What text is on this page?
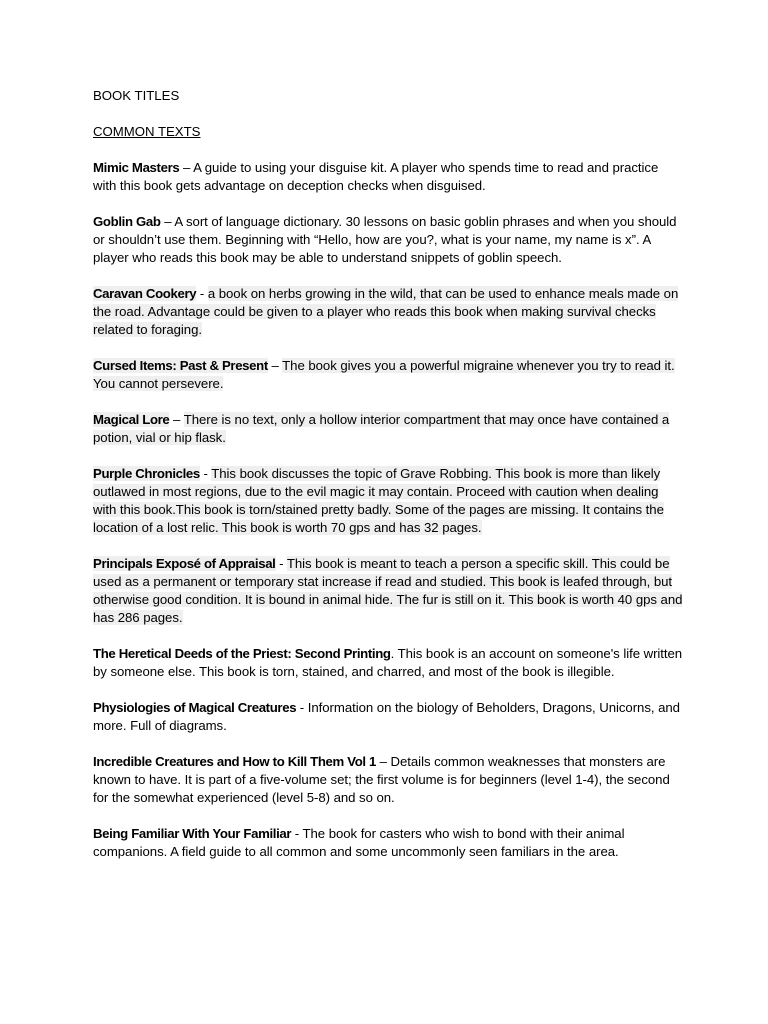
BOOK TITLES
COMMON TEXTS
Mimic Masters – A guide to using your disguise kit. A player who spends time to read and practice with this book gets advantage on deception checks when disguised.
Goblin Gab – A sort of language dictionary. 30 lessons on basic goblin phrases and when you should or shouldn’t use them. Beginning with “Hello, how are you?, what is your name, my name is x”. A player who reads this book may be able to understand snippets of goblin speech.
Caravan Cookery - a book on herbs growing in the wild, that can be used to enhance meals made on the road. Advantage could be given to a player who reads this book when making survival checks related to foraging.
Cursed Items: Past & Present – The book gives you a powerful migraine whenever you try to read it. You cannot persevere.
Magical Lore – There is no text, only a hollow interior compartment that may once have contained a potion, vial or hip flask.
Purple Chronicles - This book discusses the topic of Grave Robbing. This book is more than likely outlawed in most regions, due to the evil magic it may contain. Proceed with caution when dealing with this book.This book is torn/stained pretty badly. Some of the pages are missing. It contains the location of a lost relic. This book is worth 70 gps and has 32 pages.
Principals Exposé of Appraisal - This book is meant to teach a person a specific skill. This could be used as a permanent or temporary stat increase if read and studied. This book is leafed through, but otherwise good condition. It is bound in animal hide. The fur is still on it. This book is worth 40 gps and has 286 pages.
The Heretical Deeds of the Priest: Second Printing. This book is an account on someone's life written by someone else. This book is torn, stained, and charred, and most of the book is illegible.
Physiologies of Magical Creatures - Information on the biology of Beholders, Dragons, Unicorns, and more. Full of diagrams.
Incredible Creatures and How to Kill Them Vol 1 – Details common weaknesses that monsters are known to have. It is part of a five-volume set; the first volume is for beginners (level 1-4), the second for the somewhat experienced (level 5-8) and so on.
Being Familiar With Your Familiar - The book for casters who wish to bond with their animal companions. A field guide to all common and some uncommonly seen familiars in the area.
